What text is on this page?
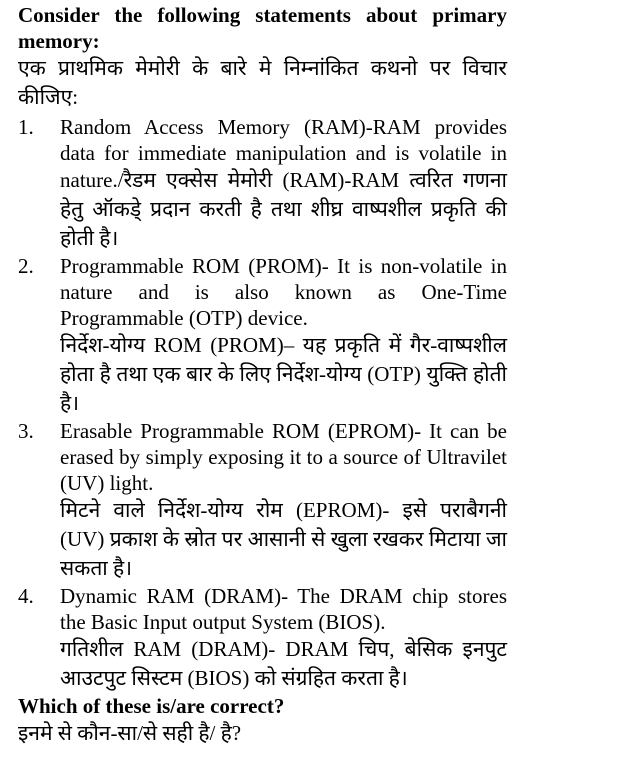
Consider the following statements about primary memory:
एक प्राथमिक मेमोरी के बारे मे निम्नांकित कथनो पर विचार कीजिए:
1. Random Access Memory (RAM)-RAM provides data for immediate manipulation and is volatile in nature./रैडम एक्सेस मेमोरी (RAM)-RAM त्वरित गणना हेतु ऑकडे् प्रदान करती है तथा शीघ्र वाष्पशील प्रकृति की होती है।
2. Programmable ROM (PROM)- It is non-volatile in nature and is also known as One-Time Programmable (OTP) device.
निर्देश-योग्य ROM (PROM)– यह प्रकृति में गैर-वाष्पशील होता है तथा एक बार के लिए निर्देश-योग्य (OTP) युक्ति होती है।
3. Erasable Programmable ROM (EPROM)- It can be erased by simply exposing it to a source of Ultravilet (UV) light.
मिटने वाले निर्देश-योग्य रोम (EPROM)- इसे पराबैगनी (UV) प्रकाश के स्रोत पर आसानी से खुला रखकर मिटाया जा सकता है।
4. Dynamic RAM (DRAM)- The DRAM chip stores the Basic Input output System (BIOS).
गतिशील RAM (DRAM)- DRAM चिप, बेसिक इनपुट आउटपुट सिस्टम (BIOS) को संग्रहित करता है।
Which of these is/are correct?
इनमे से कौन-सा/से सही है/ है?
